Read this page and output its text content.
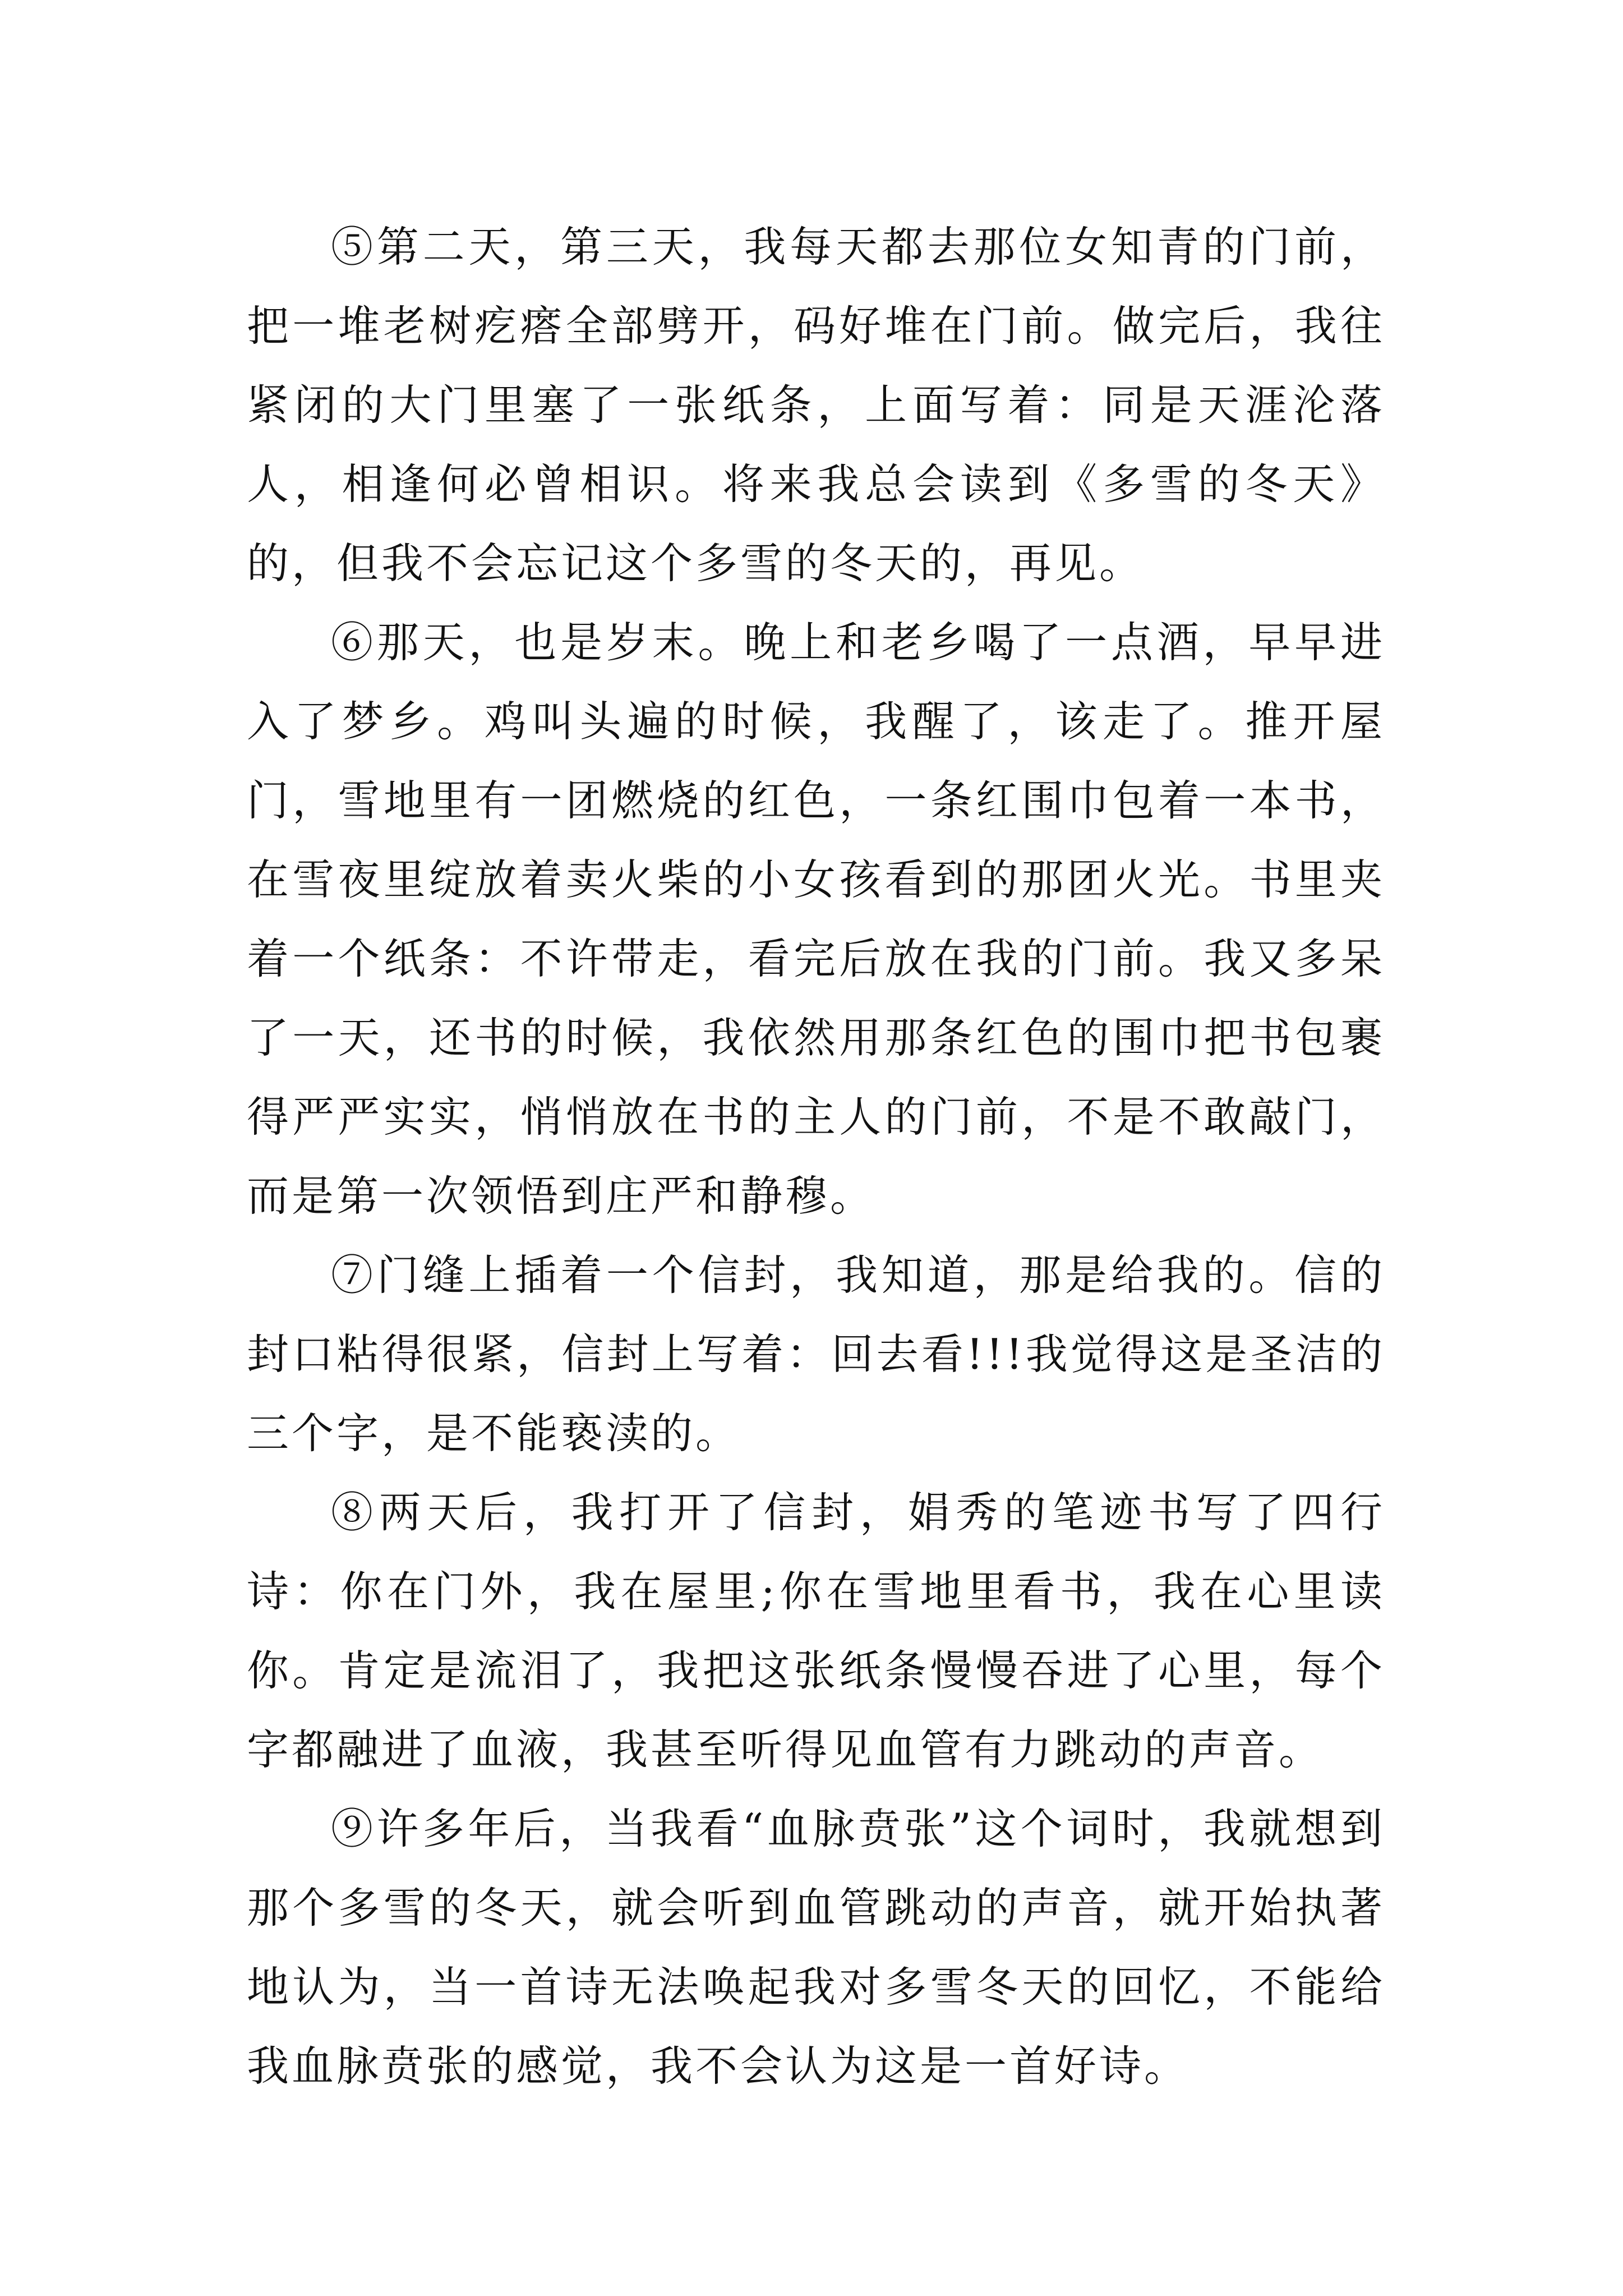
⑤第二天，第三天，我每天都去那位女知青的门前，把一堆老树疙瘩全部劈开，码好堆在门前。做完后，我往紧闭的大门里塞了一张纸条，上面写着：同是天涯沦落人，相逢何必曾相识。将来我总会读到《多雪的冬天》的，但我不会忘记这个多雪的冬天的，再见。

⑥那天，也是岁末。晚上和老乡喝了一点酒，早早进入了梦乡。鸡叫头遍的时候，我醒了，该走了。推开屋门，雪地里有一团燃烧的红色，一条红围巾包着一本书，在雪夜里绽放着卖火柴的小女孩看到的那团火光。书里夹着一个纸条：不许带走，看完后放在我的门前。我又多呆了一天，还书的时候，我依然用那条红色的围巾把书包裹得严严实实，悄悄放在书的主人的门前，不是不敢敲门，而是第一次领悟到庄严和静穆。

⑦门缝上插着一个信封，我知道，那是给我的。信的封口粘得很紧，信封上写着：回去看!!!我觉得这是圣洁的三个字，是不能亵渎的。

⑧两天后，我打开了信封，娟秀的笔迹书写了四行诗：你在门外，我在屋里;你在雪地里看书，我在心里读你。肯定是流泪了，我把这张纸条慢慢吞进了心里，每个字都融进了血液，我甚至听得见血管有力跳动的声音。

⑨许多年后，当我看“血脉贲张”这个词时，我就想到那个多雪的冬天，就会听到血管跳动的声音，就开始执著地认为，当一首诗无法唤起我对多雪冬天的回忆，不能给我血脉贲张的感觉，我不会认为这是一首好诗。
